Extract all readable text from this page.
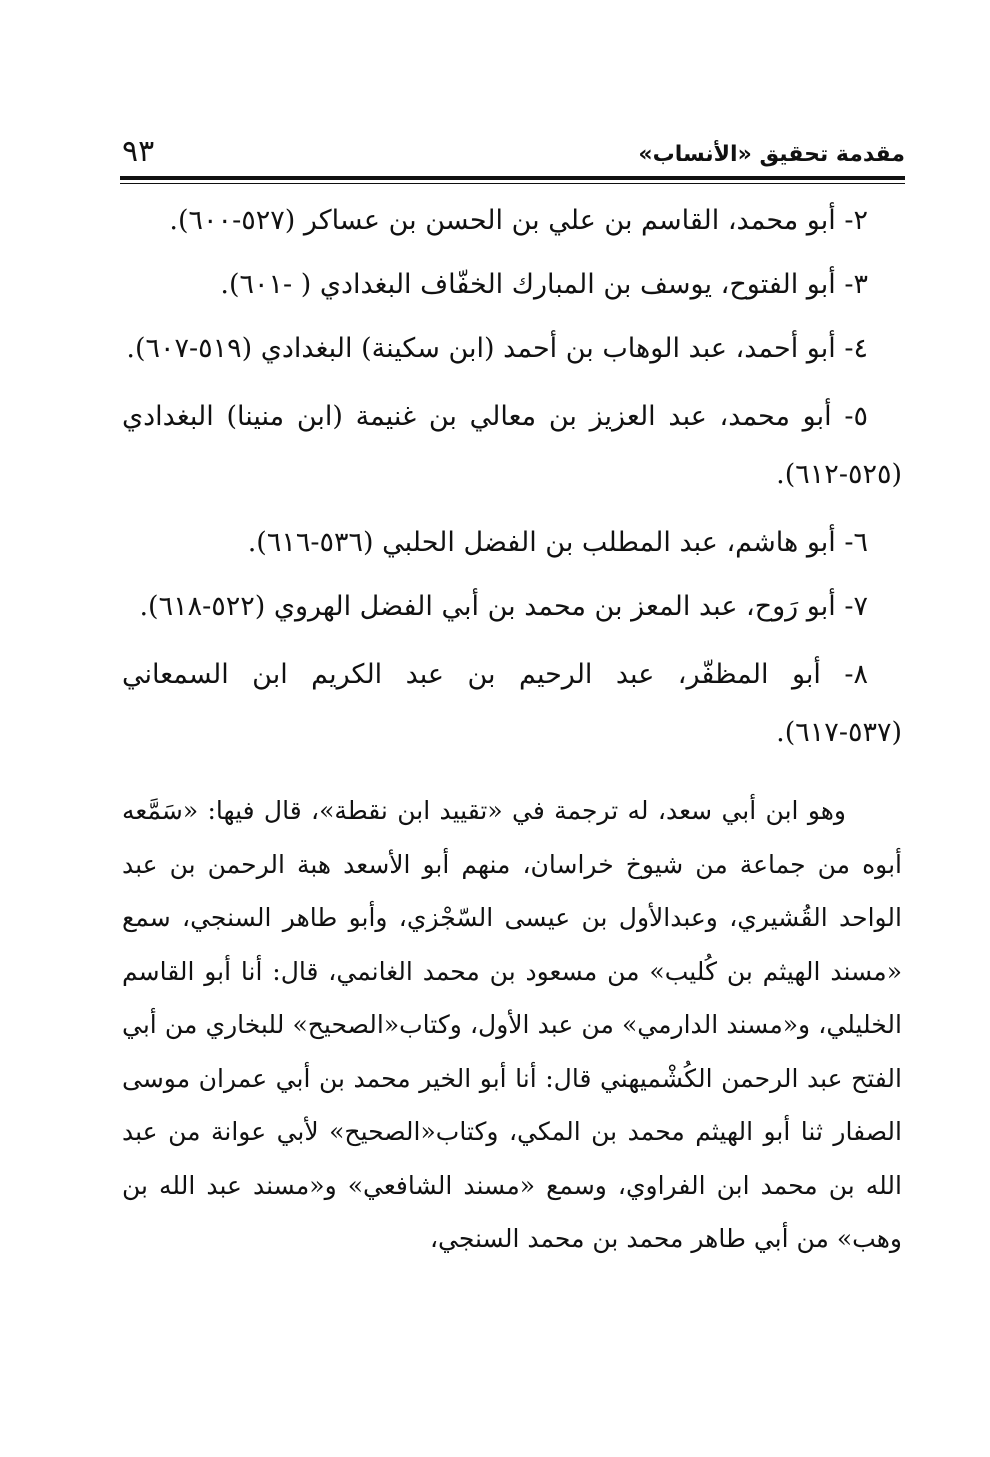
مقدمة تحقيق «الأنساب»
٩٣

٢- أبو محمد، القاسم بن علي بن الحسن بن عساكر (٥٢٧-٦٠٠).

٣- أبو الفتوح، يوسف بن المبارك الخفّاف البغدادي ( -٦٠١).

٤- أبو أحمد، عبد الوهاب بن أحمد (ابن سكينة) البغدادي (٥١٩-٦٠٧).

٥- أبو محمد، عبد العزيز بن معالي بن غنيمة (ابن منينا) البغدادي (٥٢٥-٦١٢).

٦- أبو هاشم، عبد المطلب بن الفضل الحلبي (٥٣٦-٦١٦).

٧- أبو رَوح، عبد المعز بن محمد بن أبي الفضل الهروي (٥٢٢-٦١٨).

٨- أبو المظفّر، عبد الرحيم بن عبد الكريم ابن السمعاني (٥٣٧-٦١٧).

وهو ابن أبي سعد، له ترجمة في «تقييد ابن نقطة»، قال فيها: «سَمَّعه أبوه من جماعة من شيوخ خراسان، منهم أبو الأسعد هبة الرحمن بن عبد الواحد القُشيري، وعبدالأول بن عيسى السّجْزي، وأبو طاهر السنجي، سمع «مسند الهيثم بن كُليب» من مسعود بن محمد الغانمي، قال: أنا أبو القاسم الخليلي، و«مسند الدارمي» من عبد الأول، وكتاب«الصحيح» للبخاري من أبي الفتح عبد الرحمن الكُشْميهني قال: أنا أبو الخير محمد بن أبي عمران موسى الصفار ثنا أبو الهيثم محمد بن المكي، وكتاب«الصحيح» لأبي عوانة من عبد الله بن محمد ابن الفراوي، وسمع «مسند الشافعي» و«مسند عبد الله بن وهب» من أبي طاهر محمد بن محمد السنجي،
